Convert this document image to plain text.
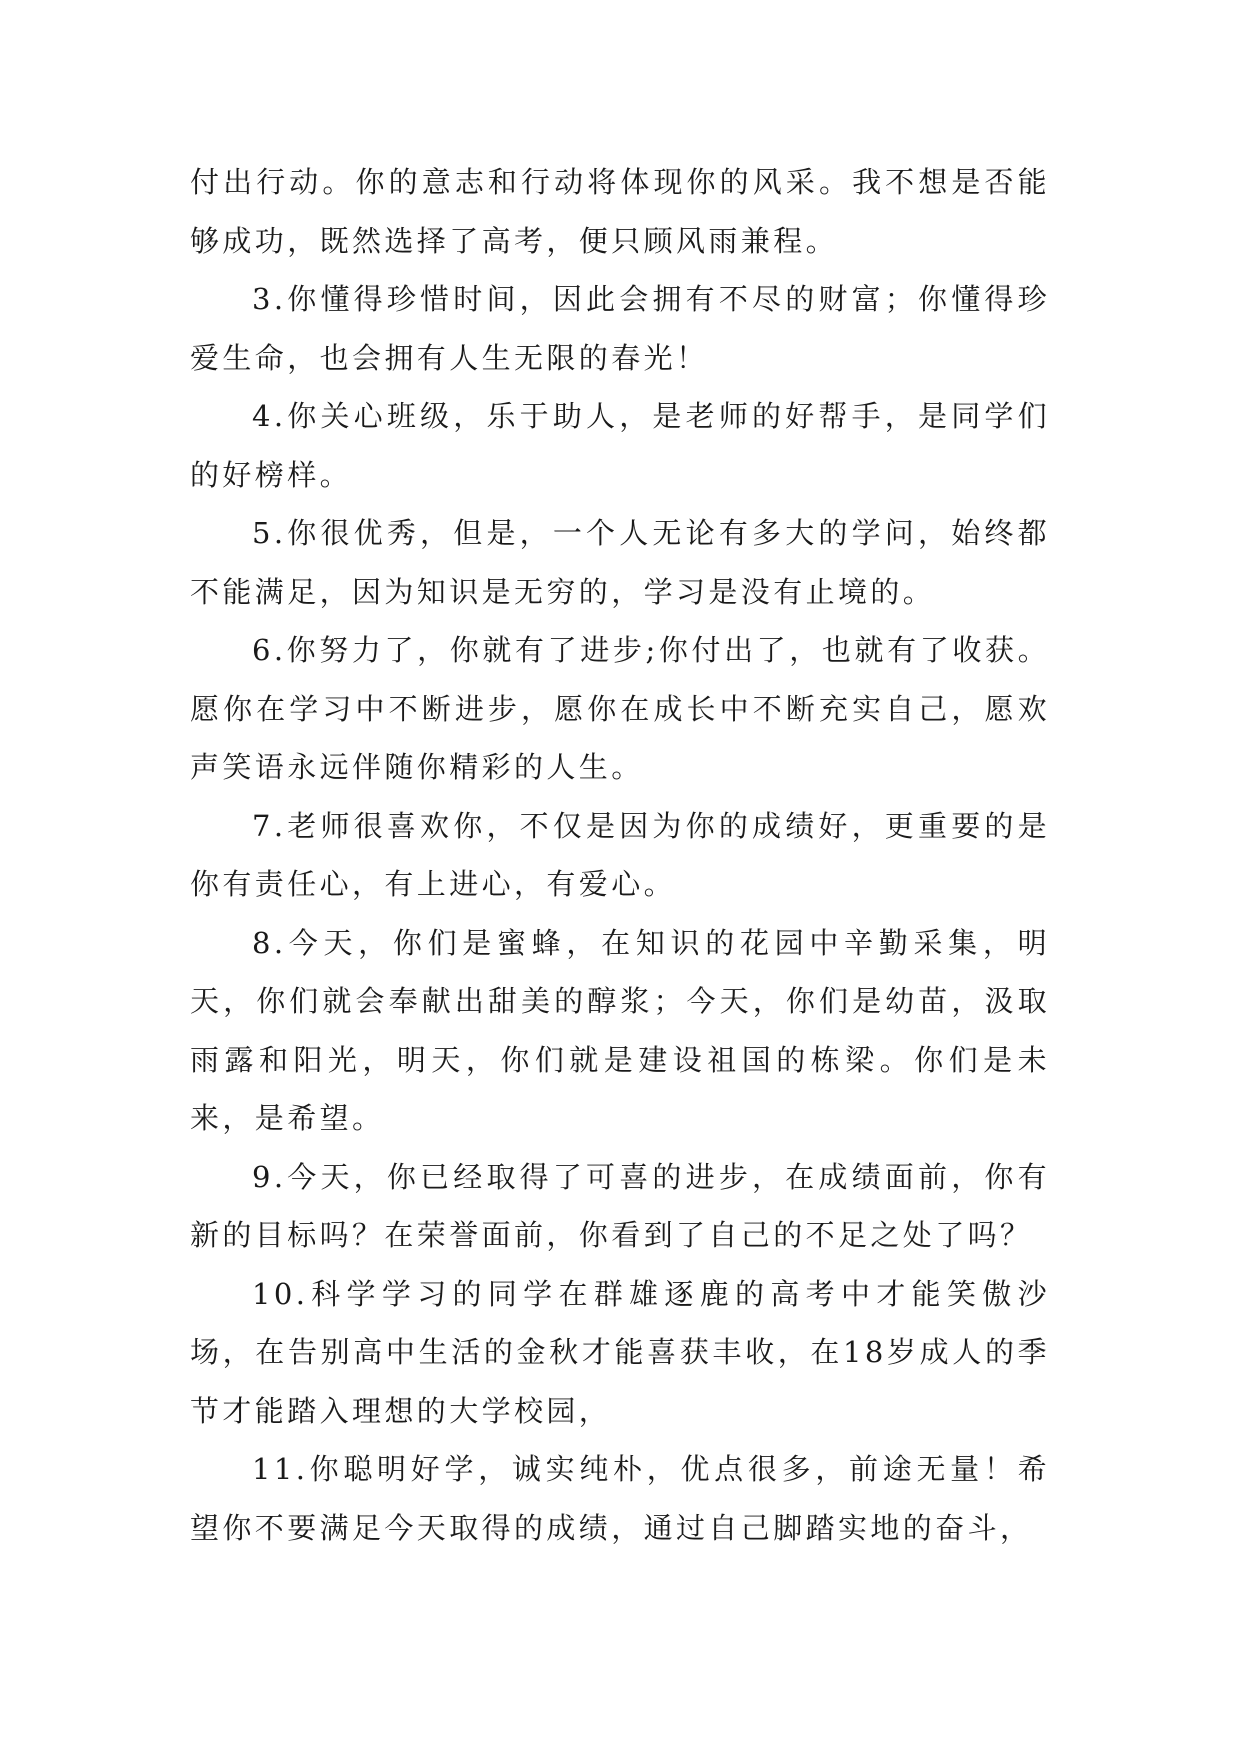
付出行动。你的意志和行动将体现你的风采。我不想是否能够成功，既然选择了高考，便只顾风雨兼程。

3.你懂得珍惜时间，因此会拥有不尽的财富；你懂得珍爱生命，也会拥有人生无限的春光！

4.你关心班级，乐于助人，是老师的好帮手，是同学们的好榜样。

5.你很优秀，但是，一个人无论有多大的学问，始终都不能满足，因为知识是无穷的，学习是没有止境的。

6.你努力了，你就有了进步;你付出了，也就有了收获。愿你在学习中不断进步，愿你在成长中不断充实自己，愿欢声笑语永远伴随你精彩的人生。

7.老师很喜欢你，不仅是因为你的成绩好，更重要的是你有责任心，有上进心，有爱心。

8.今天，你们是蜜蜂，在知识的花园中辛勤采集，明天，你们就会奉献出甜美的醇浆；今天，你们是幼苗，汲取雨露和阳光，明天，你们就是建设祖国的栋梁。你们是未来，是希望。

9.今天，你已经取得了可喜的进步，在成绩面前，你有新的目标吗？在荣誉面前，你看到了自己的不足之处了吗？

10.科学学习的同学在群雄逐鹿的高考中才能笑傲沙场，在告别高中生活的金秋才能喜获丰收，在18岁成人的季节才能踏入理想的大学校园，

11.你聪明好学，诚实纯朴，优点很多，前途无量！希望你不要满足今天取得的成绩，通过自己脚踏实地的奋斗，
